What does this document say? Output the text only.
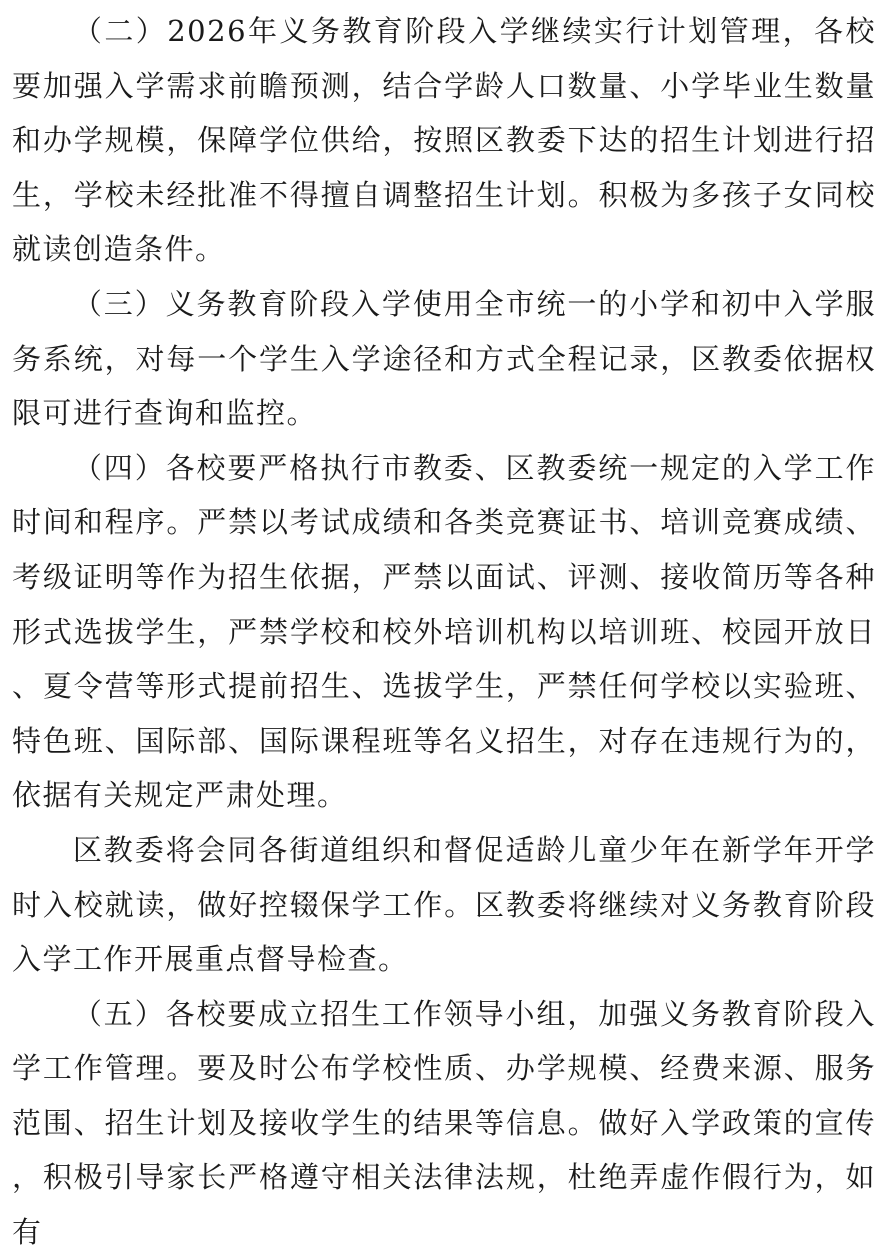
（二）2026年义务教育阶段入学继续实行计划管理，各校要加强入学需求前瞻预测，结合学龄人口数量、小学毕业生数量和办学规模，保障学位供给，按照区教委下达的招生计划进行招生，学校未经批准不得擅自调整招生计划。积极为多孩子女同校就读创造条件。

（三）义务教育阶段入学使用全市统一的小学和初中入学服务系统，对每一个学生入学途径和方式全程记录，区教委依据权限可进行查询和监控。

（四）各校要严格执行市教委、区教委统一规定的入学工作时间和程序。严禁以考试成绩和各类竞赛证书、培训竞赛成绩、考级证明等作为招生依据，严禁以面试、评测、接收简历等各种形式选拔学生，严禁学校和校外培训机构以培训班、校园开放日、夏令营等形式提前招生、选拔学生，严禁任何学校以实验班、特色班、国际部、国际课程班等名义招生，对存在违规行为的，依据有关规定严肃处理。

区教委将会同各街道组织和督促适龄儿童少年在新学年开学时入校就读，做好控辍保学工作。区教委将继续对义务教育阶段入学工作开展重点督导检查。

（五）各校要成立招生工作领导小组，加强义务教育阶段入学工作管理。要及时公布学校性质、办学规模、经费来源、服务范围、招生计划及接收学生的结果等信息。做好入学政策的宣传，积极引导家长严格遵守相关法律法规，杜绝弄虚作假行为，如有
